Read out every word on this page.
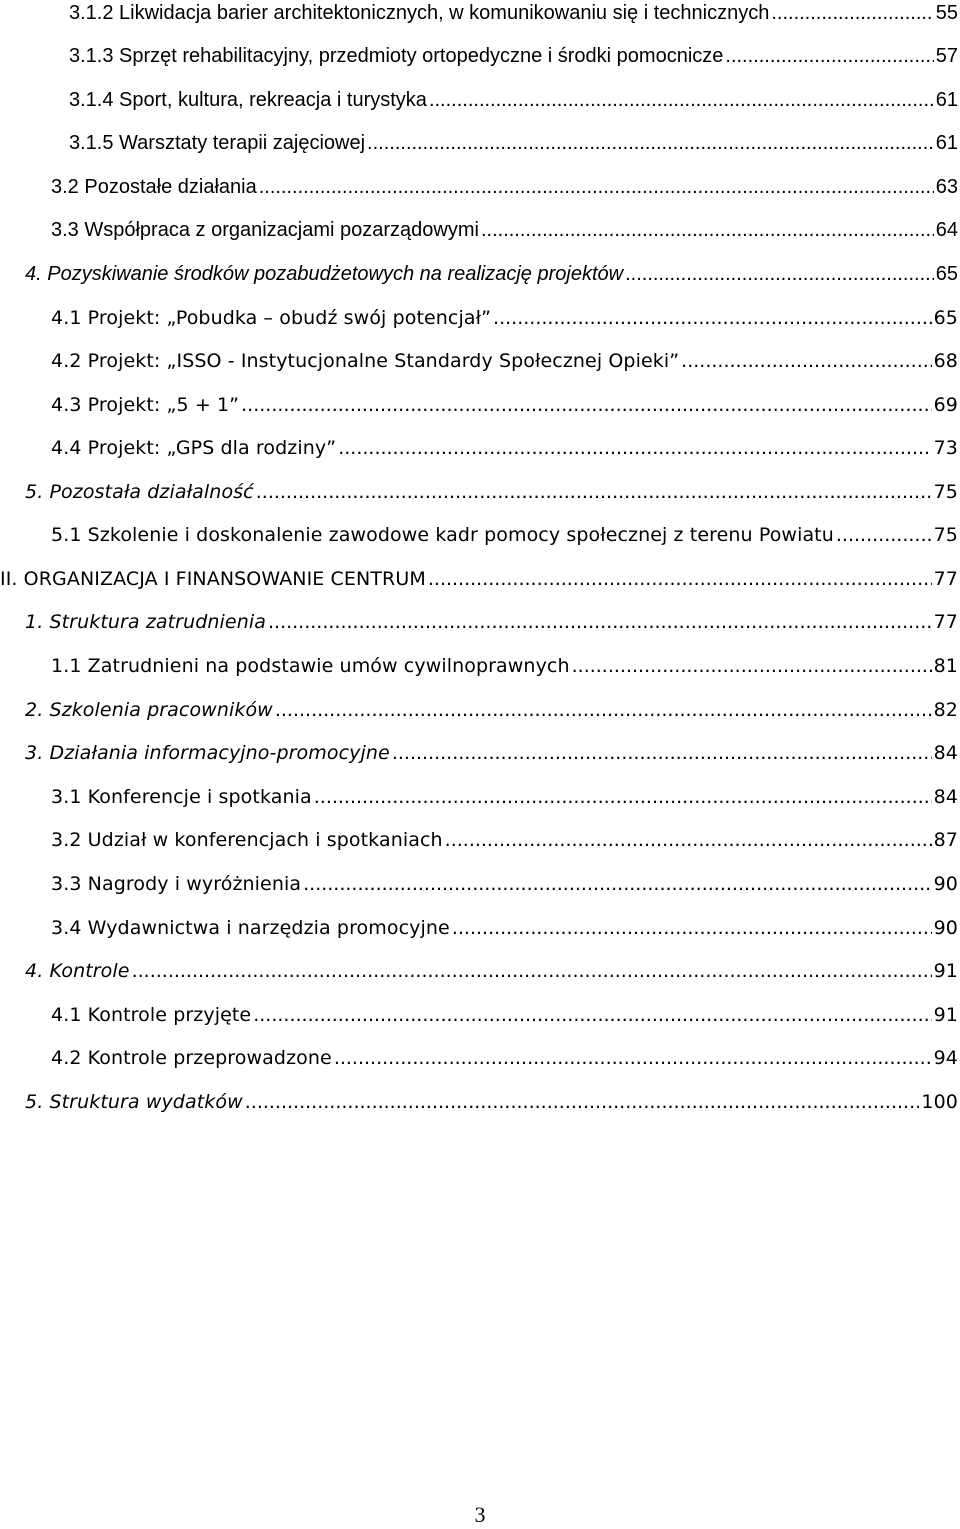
3.1.2 Likwidacja barier architektonicznych, w komunikowaniu się i technicznych .....	55
3.1.3 Sprzęt rehabilitacyjny, przedmioty ortopedyczne i środki pomocnicze .....	57
3.1.4 Sport, kultura, rekreacja i turystyka .....	61
3.1.5 Warsztaty terapii zajęciowej .....	61
3.2 Pozostałe działania .....	63
3.3 Współpraca z organizacjami pozarządowymi .....	64
4. Pozyskiwanie środków pozabudżetowych na realizację projektów .....	65
4.1 Projekt: „Pobudka – obudź swój potencjał” .....	65
4.2 Projekt: „ISSO - Instytucjonalne Standardy Społecznej Opieki” .....	68
4.3 Projekt: „5 + 1” .....	69
4.4 Projekt: „GPS dla rodziny” .....	73
5. Pozostała działalność .....	75
5.1 Szkolenie i doskonalenie zawodowe kadr pomocy społecznej z terenu Powiatu .....	75
II. ORGANIZACJA I FINANSOWANIE CENTRUM .....	77
1. Struktura zatrudnienia .....	77
1.1 Zatrudnieni na podstawie umów cywilnoprawnych .....	81
2. Szkolenia pracowników .....	82
3. Działania informacyjno-promocyjne .....	84
3.1 Konferencje i spotkania .....	84
3.2 Udział w konferencjach i spotkaniach .....	87
3.3 Nagrody i wyróżnienia .....	90
3.4 Wydawnictwa i narzędzia promocyjne .....	90
4. Kontrole .....	91
4.1 Kontrole przyjęte .....	91
4.2 Kontrole przeprowadzone .....	94
5. Struktura wydatków .....	100
3
